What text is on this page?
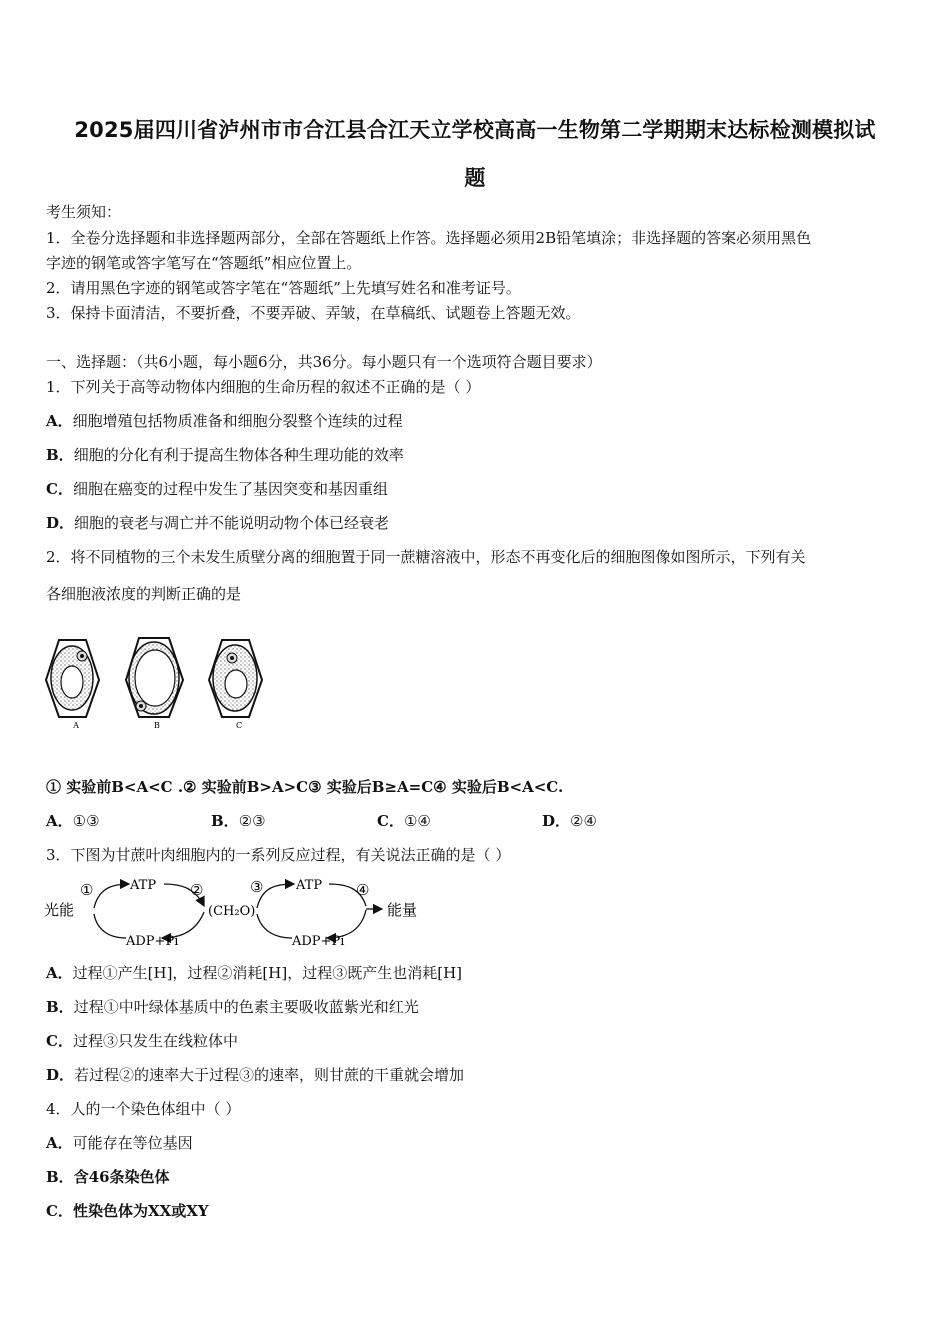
2025届四川省泸州市市合江县合江天立学校高高一生物第二学期期末达标检测模拟试
题
考生须知：
1．全卷分选择题和非选择题两部分，全部在答题纸上作答。选择题必须用2B铅笔填涂；非选择题的答案必须用黑色
字迹的钢笔或答字笔写在“答题纸”相应位置上。
2．请用黑色字迹的钢笔或答字笔在“答题纸”上先填写姓名和准考证号。
3．保持卡面清洁，不要折叠，不要弄破、弄皱，在草稿纸、试题卷上答题无效。
一、选择题：（共6小题，每小题6分，共36分。每小题只有一个选项符合题目要求）
1．下列关于高等动物体内细胞的生命历程的叙述不正确的是（ ）
A．细胞增殖包括物质准备和细胞分裂整个连续的过程
B．细胞的分化有利于提高生物体各种生理功能的效率
C．细胞在癌变的过程中发生了基因突变和基因重组
D．细胞的衰老与凋亡并不能说明动物个体已经衰老
2．将不同植物的三个未发生质壁分离的细胞置于同一蔗糖溶液中，形态不再变化后的细胞图像如图所示，下列有关
各细胞液浓度的判断正确的是
A	B	C
① 实验前B<A<C .② 实验前B>A>C③ 实验后B≥A=C④ 实验后B<A<C.
A．①③	B．②③	C．①④	D．②④
3．下图为甘蔗叶肉细胞内的一系列反应过程，有关说法正确的是（ ）
光能
ATP
ADP+Pi
(CH₂O)
ATP
ADP+Pi
能量
①	②	③	④
A．过程①产生[H]，过程②消耗[H]，过程③既产生也消耗[H]
B．过程①中叶绿体基质中的色素主要吸收蓝紫光和红光
C．过程③只发生在线粒体中
D．若过程②的速率大于过程③的速率，则甘蔗的干重就会增加
4．人的一个染色体组中（ ）
A．可能存在等位基因
B．含46条染色体
C．性染色体为XX或XY
